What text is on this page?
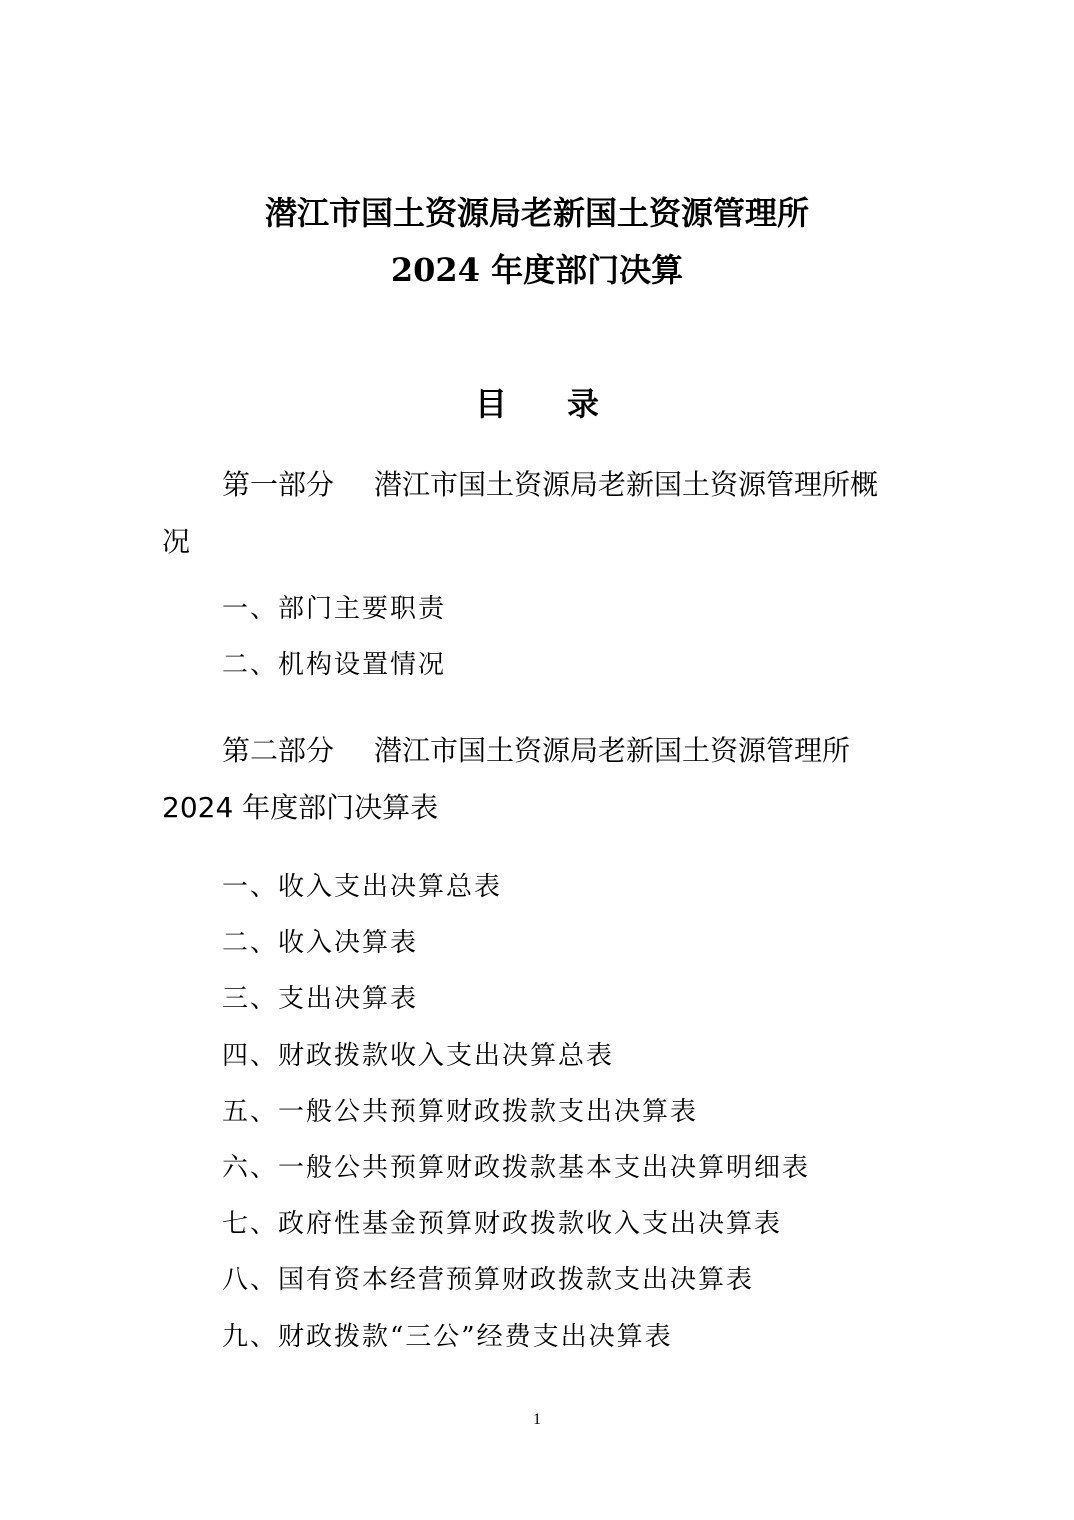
潜江市国土资源局老新国土资源管理所
2024 年度部门决算
目录
第一部分 潜江市国土资源局老新国土资源管理所概
况
一、部门主要职责
二、机构设置情况
第二部分 潜江市国土资源局老新国土资源管理所
2024 年度部门决算表
一、收入支出决算总表
二、收入决算表
三、支出决算表
四、财政拨款收入支出决算总表
五、一般公共预算财政拨款支出决算表
六、一般公共预算财政拨款基本支出决算明细表
七、政府性基金预算财政拨款收入支出决算表
八、国有资本经营预算财政拨款支出决算表
九、财政拨款“三公”经费支出决算表
1
